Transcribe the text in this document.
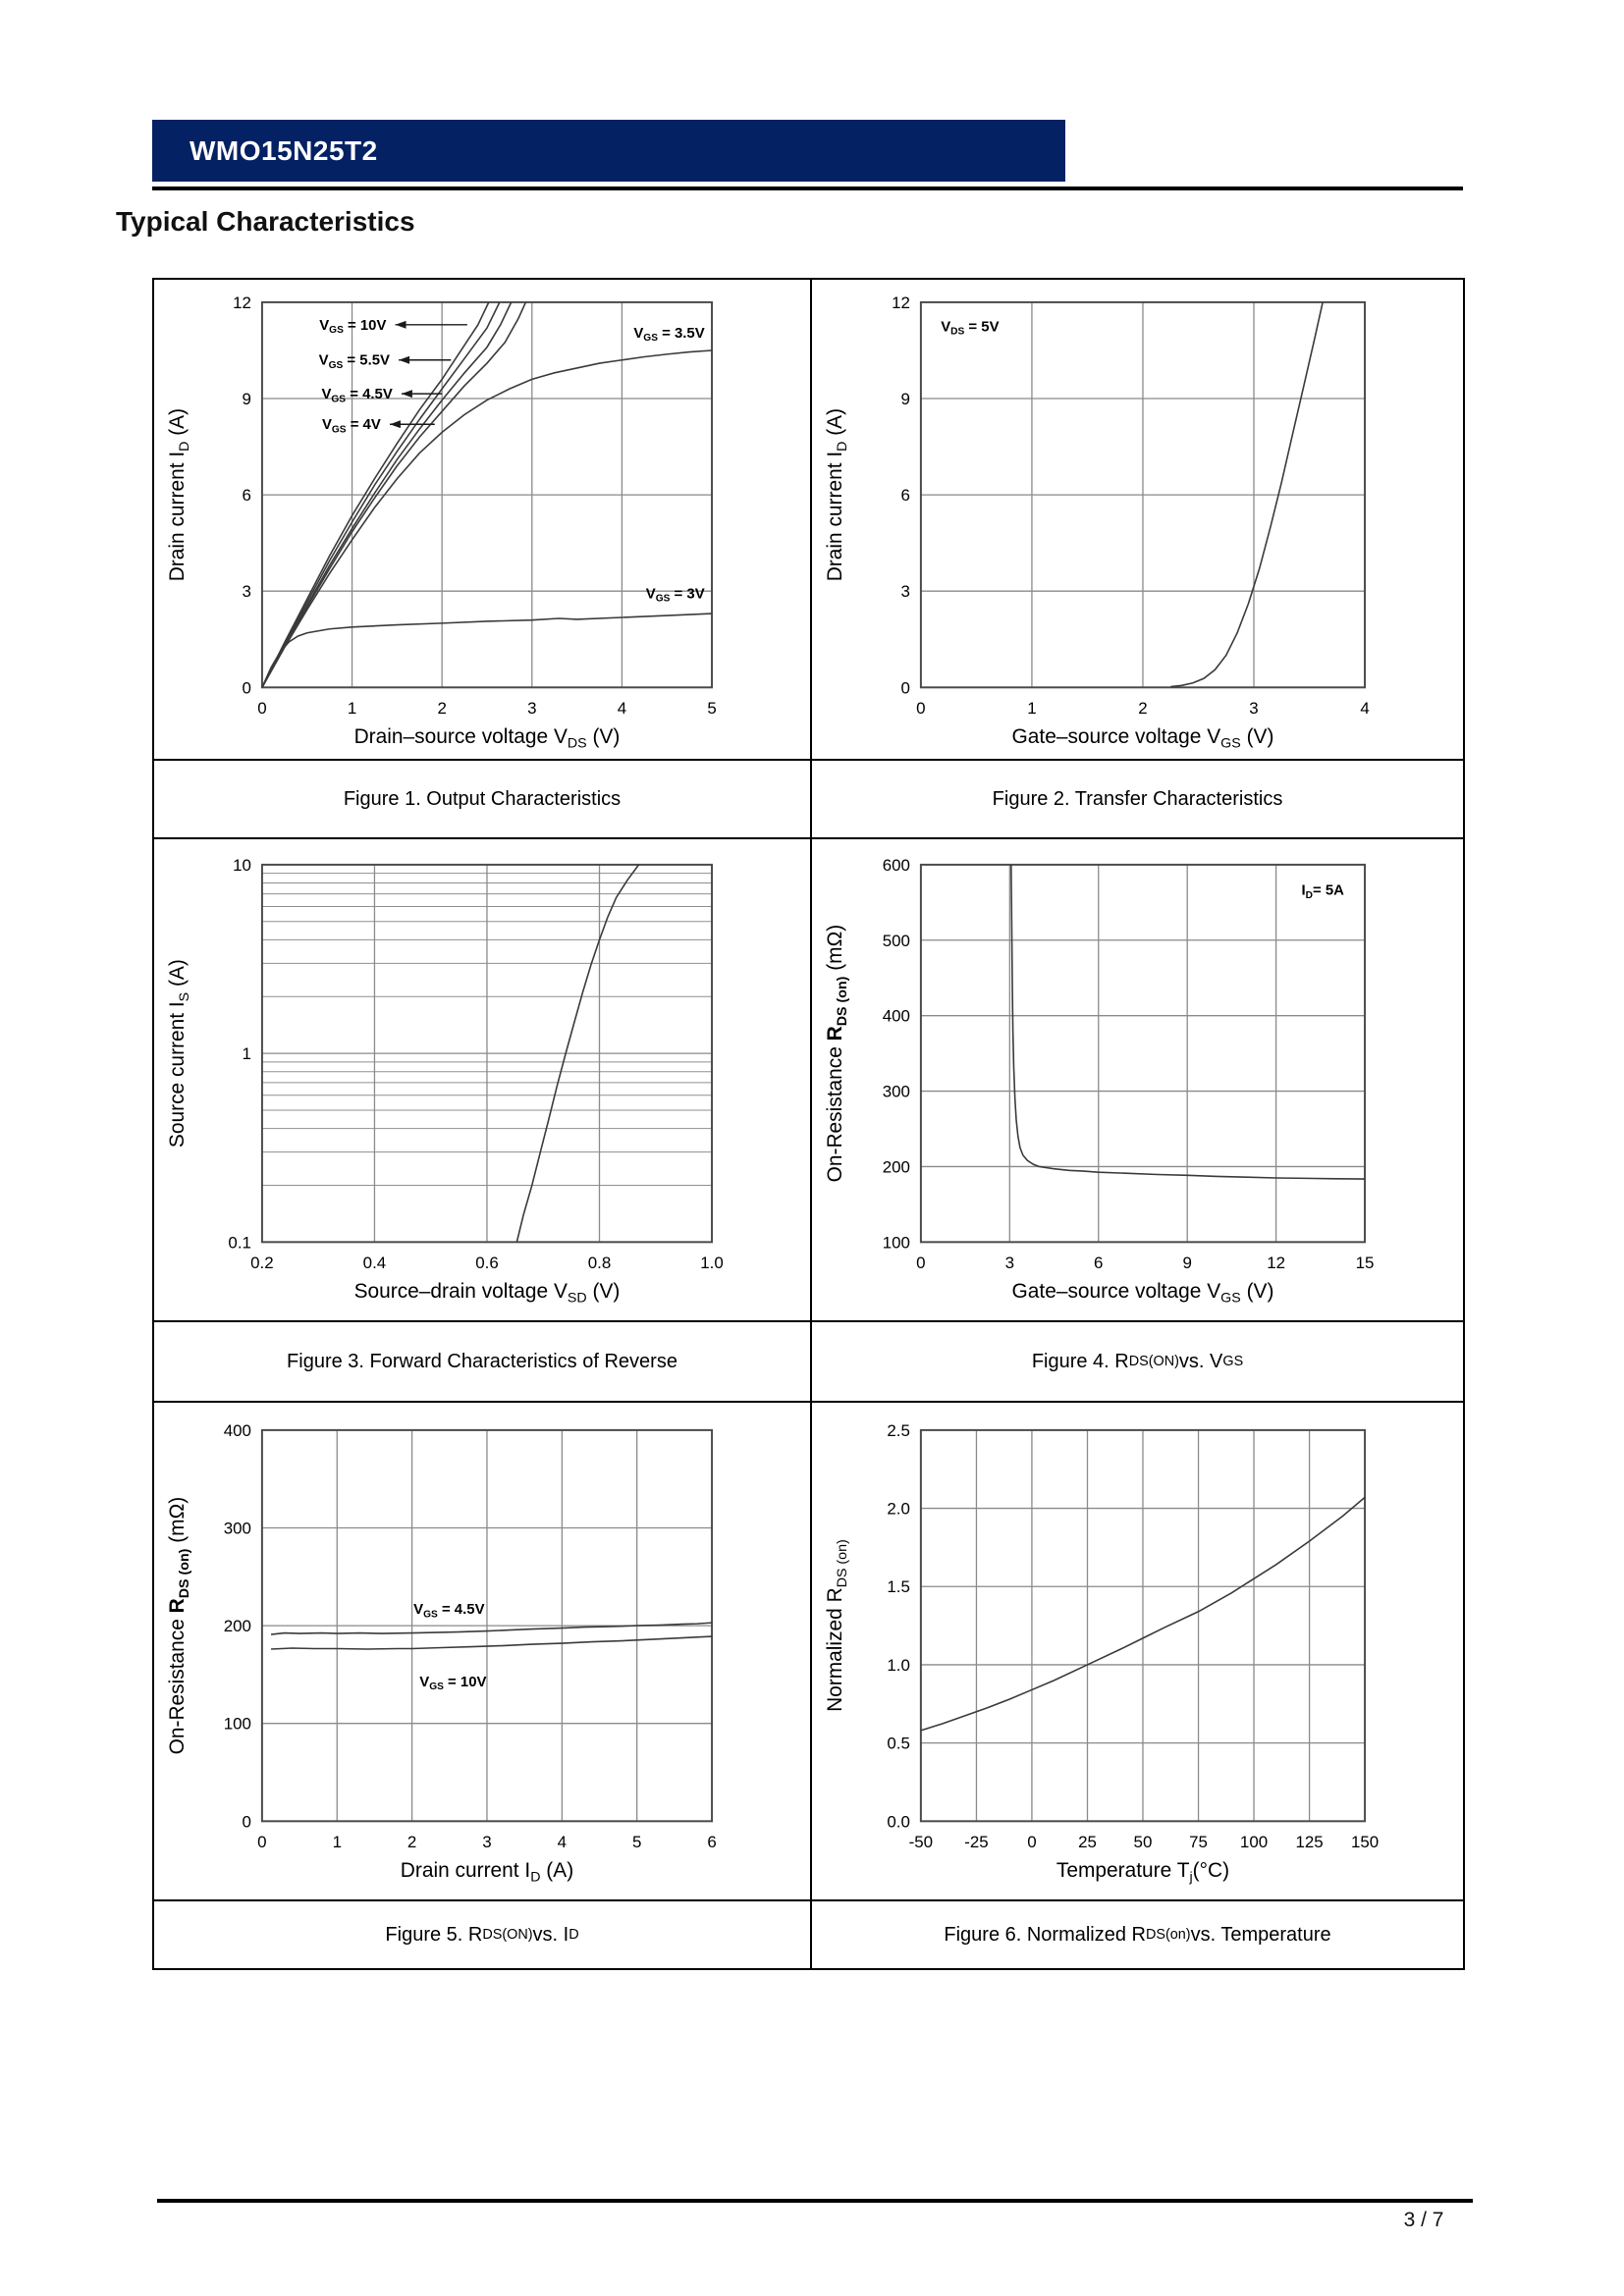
WMO15N25T2
Typical Characteristics
0	1	2	3	4	5
0
3
6
9
12
Drain–source voltage $V_{DS}$ (V)
Drain current $I_D$ (A)
$V_{GS} = 10V$
$V_{GS} = 5.5V$
$V_{GS} = 4.5V$
$V_{GS} = 4V$
$V_{GS} = 3.5V$
$V_{GS} = 3V$
0	1	2	3	4
0
3
6
9
12
Gate–source voltage $V_{GS}$ (V)
Drain current $I_D$ (A)
$V_{DS} = 5V$
Figure 1. Output Characteristics	Figure 2. Transfer Characteristics
0.2	0.4	0.6	0.8	1.0
0.1
1
10
Source–drain voltage $V_{SD}$ (V)
Source current $I_S$ (A)
0	3	6	9	12	15
100
200
300
400
500
600
Gate–source voltage $V_{GS}$ (V)
On-Resistance $R_{DS (on)}$ (mΩ)
$I_D= 5A$
Figure 3. Forward Characteristics of Reverse	Figure 4. R DS(ON) vs. V GS
0	1	2	3	4	5	6
0
100
200
300
400
Drain current $I_D$ (A)
On-Resistance $R_{DS (on)}$ (mΩ)
$V_{GS} = 4.5V$
$V_{GS} = 10V$
-50 -25 0 25 50 75 100 125 150
0.0
0.5
1.0
1.5
2.0
2.5
Temperature $T_j(^\circ C)$
Normalized $R_{DS (on)}$
Figure 5. R DS(ON) vs. I D	Figure 6. Normalized R DS(on) vs. Temperature
3 / 7
